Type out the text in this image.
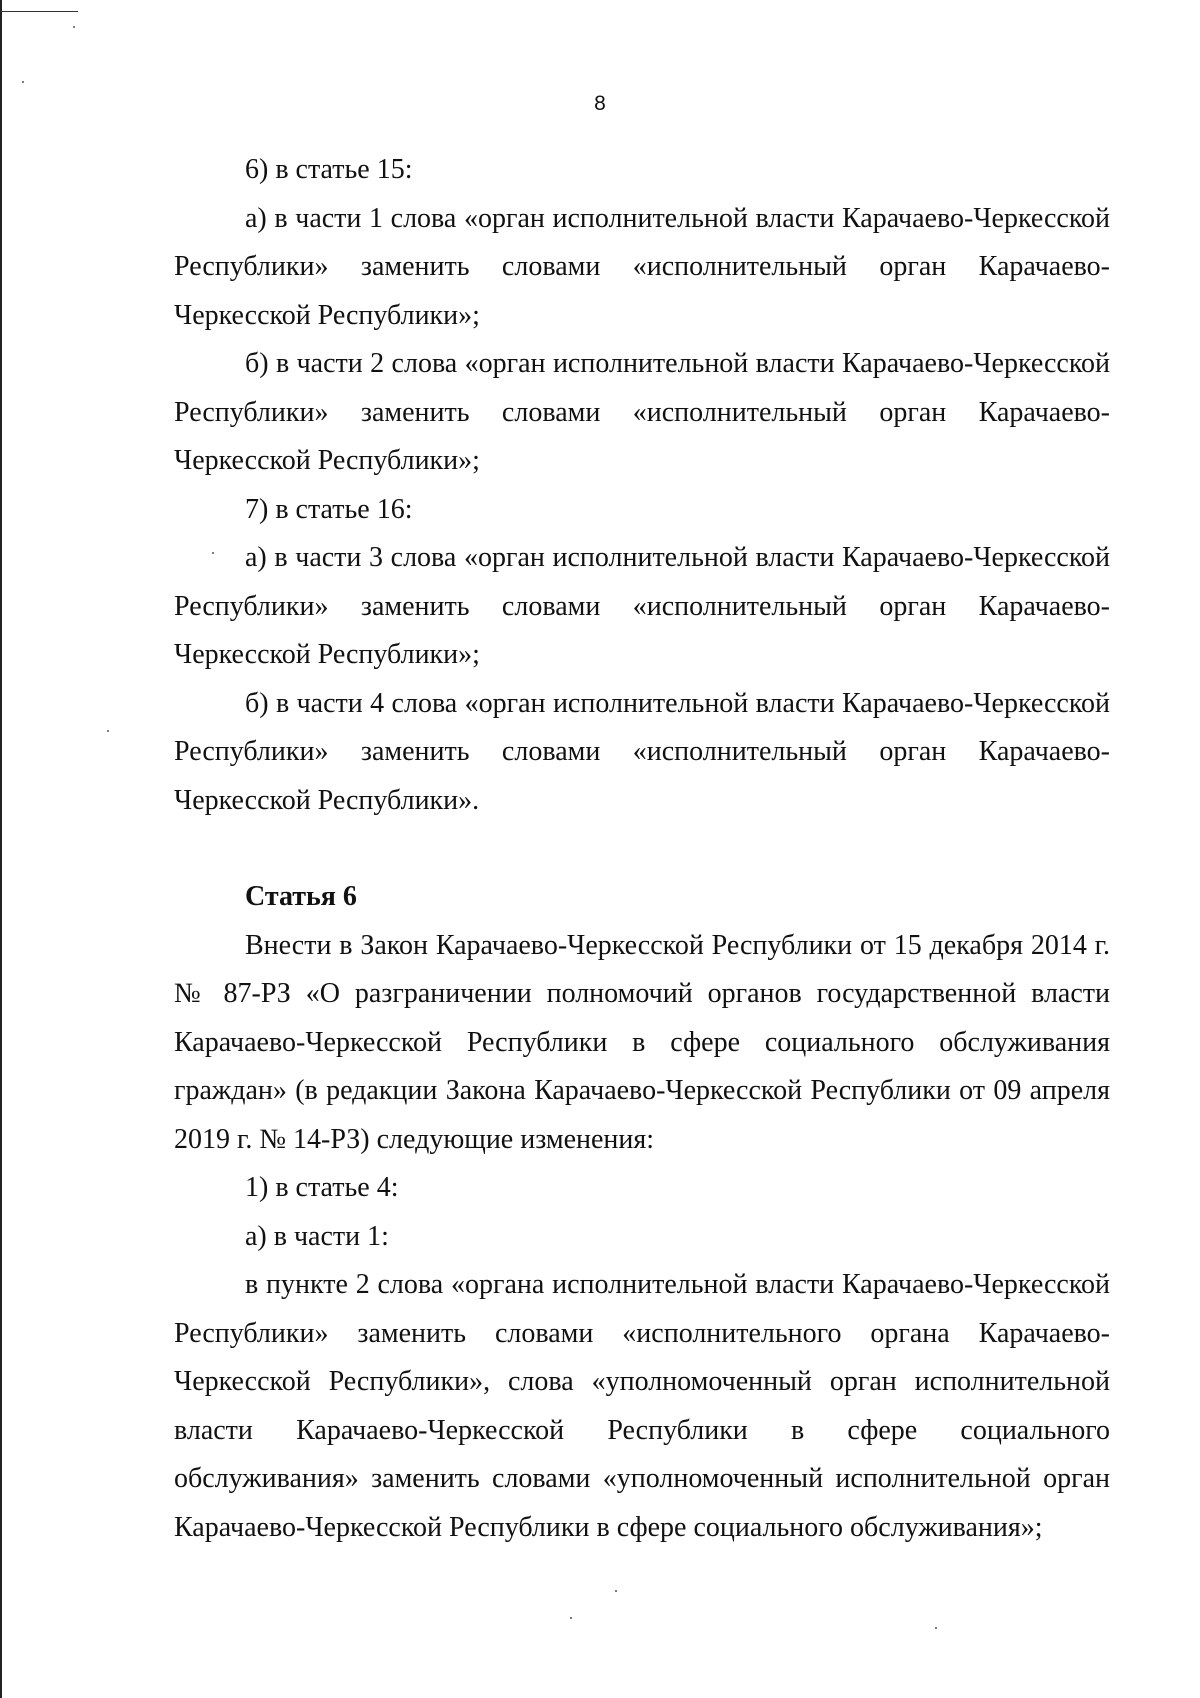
8

6) в статье 15:

а) в части 1 слова «орган исполнительной власти Карачаево-Черкесской Республики» заменить словами «исполнительный орган Карачаево-Черкесской Республики»;

б) в части 2 слова «орган исполнительной власти Карачаево-Черкесской Республики» заменить словами «исполнительный орган Карачаево-Черкесской Республики»;

7) в статье 16:

а) в части 3 слова «орган исполнительной власти Карачаево-Черкесской Республики» заменить словами «исполнительный орган Карачаево-Черкесской Республики»;

б) в части 4 слова «орган исполнительной власти Карачаево-Черкесской Республики» заменить словами «исполнительный орган Карачаево-Черкесской Республики».

Статья 6

Внести в Закон Карачаево-Черкесской Республики от 15 декабря 2014 г. № 87-РЗ «О разграничении полномочий органов государственной власти Карачаево-Черкесской Республики в сфере социального обслуживания граждан» (в редакции Закона Карачаево-Черкесской Республики от 09 апреля 2019 г. № 14-РЗ) следующие изменения:

1) в статье 4:

а) в части 1:

в пункте 2 слова «органа исполнительной власти Карачаево-Черкесской Республики» заменить словами «исполнительного органа Карачаево-Черкесской Республики», слова «уполномоченный орган исполнительной власти Карачаево-Черкесской Республики в сфере социального обслуживания» заменить словами «уполномоченный исполнительной орган Карачаево-Черкесской Республики в сфере социального обслуживания»;
